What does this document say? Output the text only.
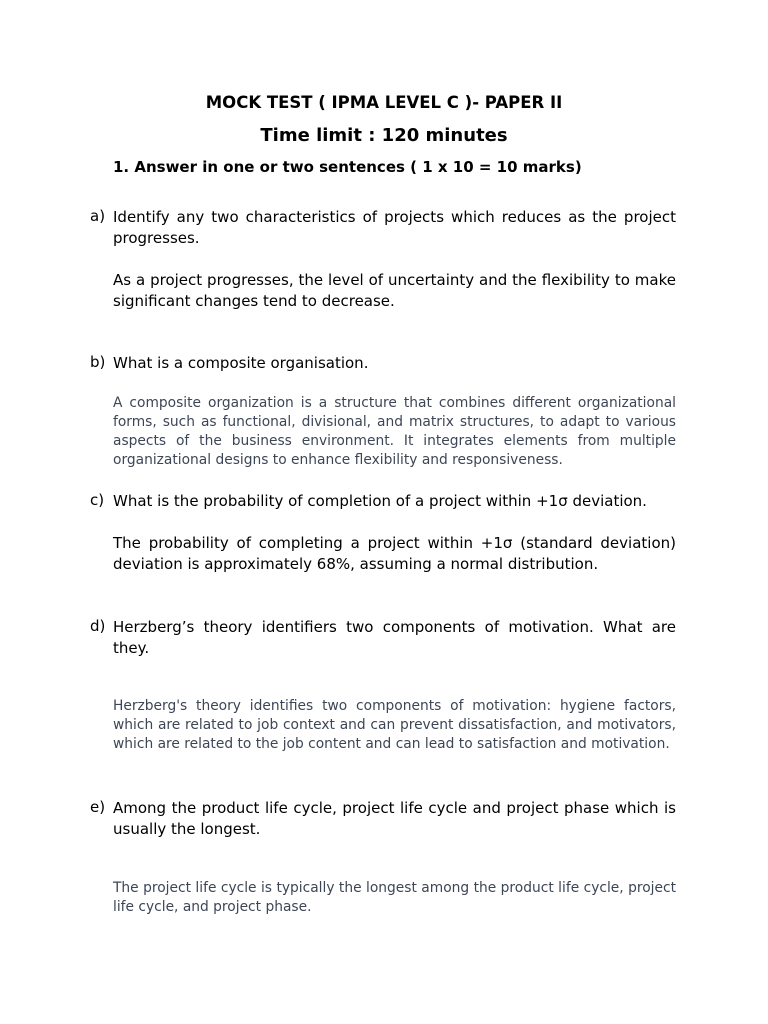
MOCK TEST ( IPMA LEVEL C )- PAPER II
Time limit : 120 minutes

1. Answer in one or two sentences ( 1 x 10 = 10 marks)

a) Identify any two characteristics of projects which reduces as the project progresses.

As a project progresses, the level of uncertainty and the flexibility to make significant changes tend to decrease.

b) What is a composite organisation.

A composite organization is a structure that combines different organizational forms, such as functional, divisional, and matrix structures, to adapt to various aspects of the business environment. It integrates elements from multiple organizational designs to enhance flexibility and responsiveness.

c) What is the probability of completion of a project within +1σ deviation.

The probability of completing a project within +1σ (standard deviation) deviation is approximately 68%, assuming a normal distribution.

d) Herzberg’s theory identifiers two components of motivation. What are they.

Herzberg's theory identifies two components of motivation: hygiene factors, which are related to job context and can prevent dissatisfaction, and motivators, which are related to the job content and can lead to satisfaction and motivation.

e) Among the product life cycle, project life cycle and project phase which is usually the longest.

The project life cycle is typically the longest among the product life cycle, project life cycle, and project phase.
